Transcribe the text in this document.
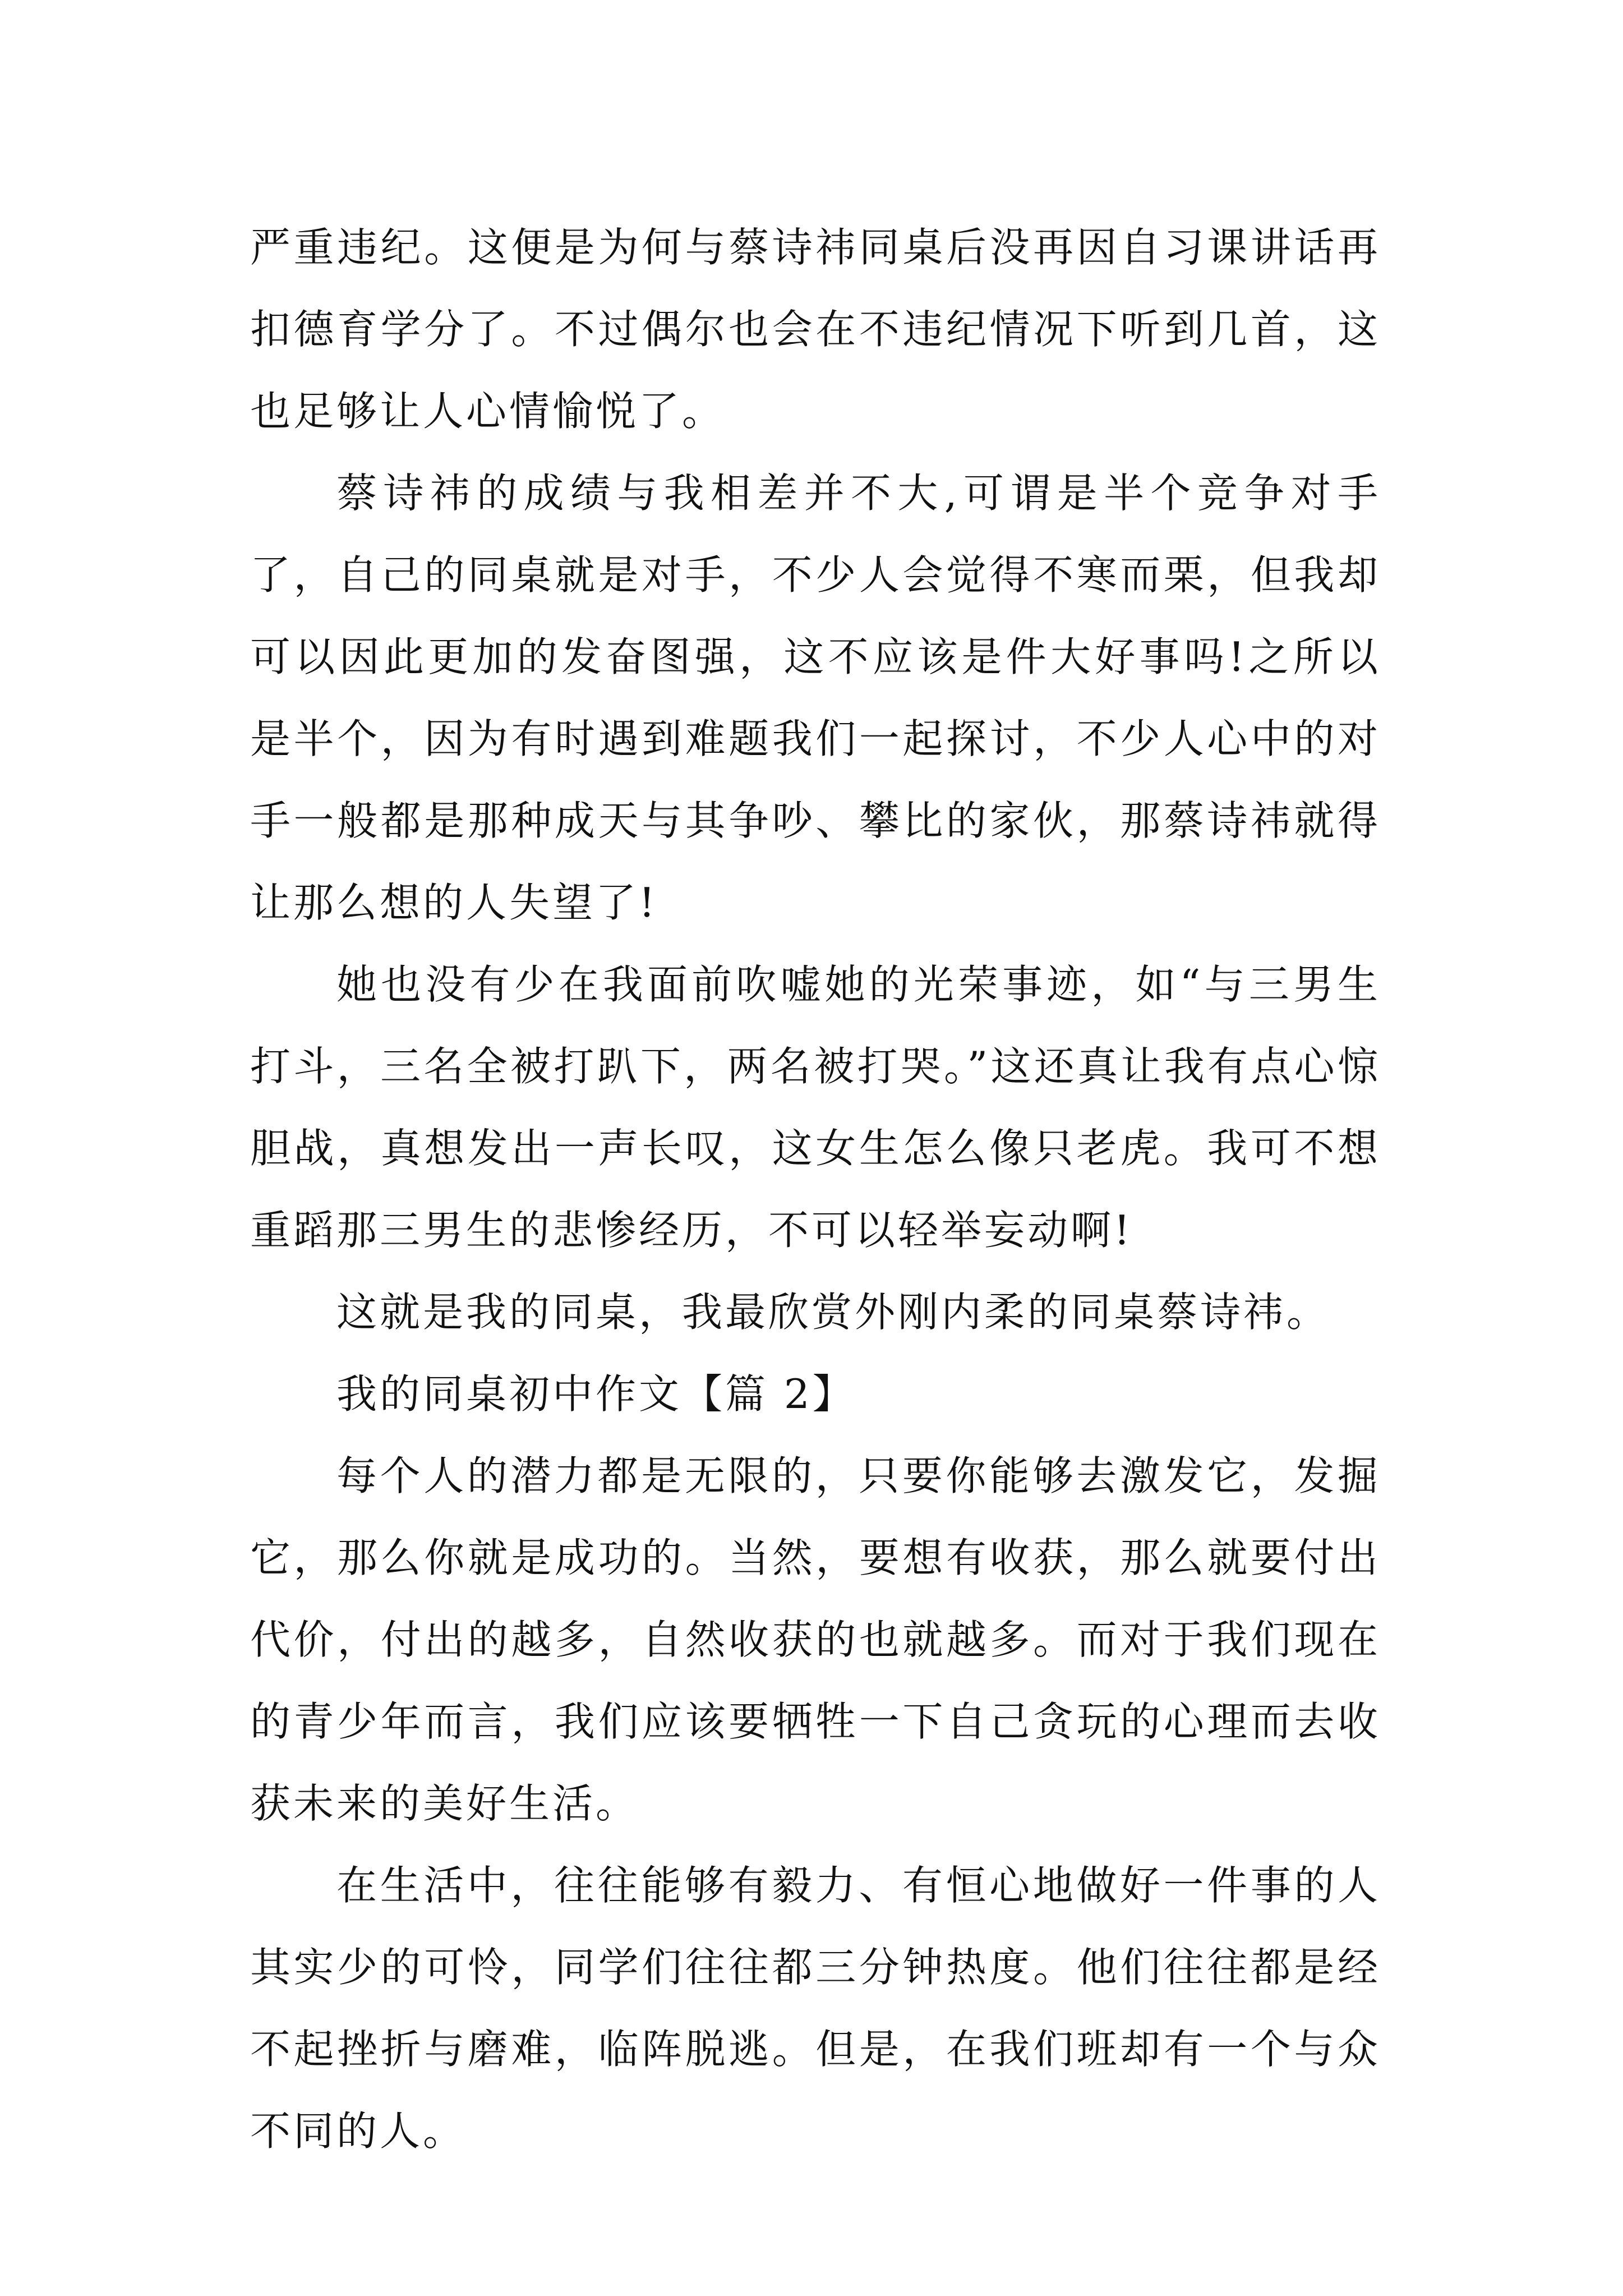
严重违纪。这便是为何与蔡诗祎同桌后没再因自习课讲话再扣德育学分了。不过偶尔也会在不违纪情况下听到几首，这也足够让人心情愉悦了。

蔡诗祎的成绩与我相差并不大,可谓是半个竞争对手了，自己的同桌就是对手，不少人会觉得不寒而栗，但我却可以因此更加的发奋图强，这不应该是件大好事吗!之所以是半个，因为有时遇到难题我们一起探讨，不少人心中的对手一般都是那种成天与其争吵、攀比的家伙，那蔡诗祎就得让那么想的人失望了!

她也没有少在我面前吹嘘她的光荣事迹，如“与三男生打斗，三名全被打趴下，两名被打哭。”这还真让我有点心惊胆战，真想发出一声长叹，这女生怎么像只老虎。我可不想重蹈那三男生的悲惨经历，不可以轻举妄动啊!

这就是我的同桌，我最欣赏外刚内柔的同桌蔡诗祎。

我的同桌初中作文【篇 2】

每个人的潜力都是无限的，只要你能够去激发它，发掘它，那么你就是成功的。当然，要想有收获，那么就要付出代价，付出的越多，自然收获的也就越多。而对于我们现在的青少年而言，我们应该要牺牲一下自己贪玩的心理而去收获未来的美好生活。

在生活中，往往能够有毅力、有恒心地做好一件事的人其实少的可怜，同学们往往都三分钟热度。他们往往都是经不起挫折与磨难，临阵脱逃。但是，在我们班却有一个与众不同的人。
